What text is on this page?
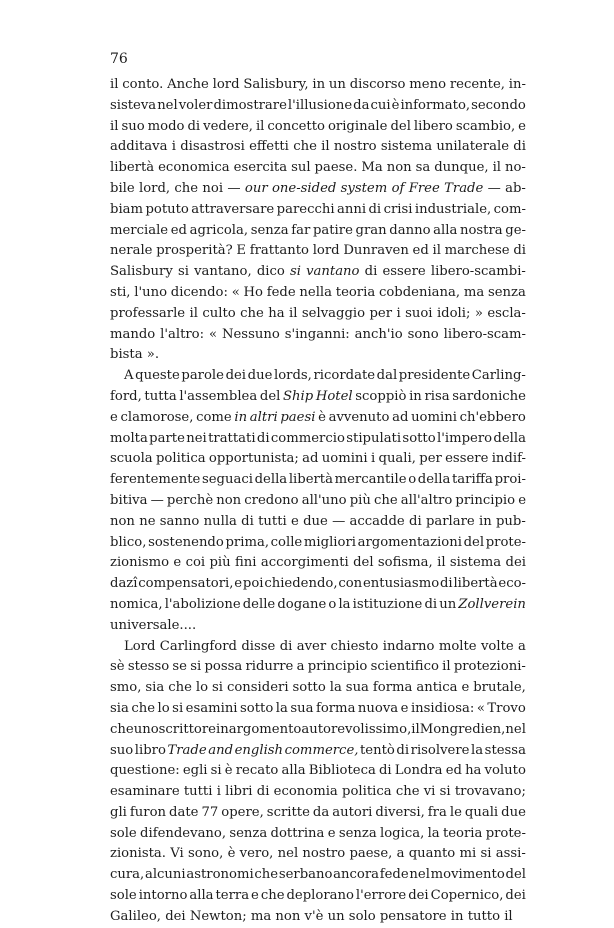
76
il conto. Anche lord Salisbury, in un discorso meno recente, in-
sisteva nel voler dimostrare l'illusione da cui è informato, secondo
il suo modo di vedere, il concetto originale del libero scambio, e
additava i disastrosi effetti che il nostro sistema unilaterale di
libertà economica esercita sul paese. Ma non sa dunque, il no-
bile lord, che noi — our one-sided system of Free Trade — ab-
biam potuto attraversare parecchi anni di crisi industriale, com-
merciale ed agricola, senza far patire gran danno alla nostra ge-
nerale prosperità? E frattanto lord Dunraven ed il marchese di
Salisbury si vantano, dico si vantano di essere libero-scambi-
sti, l'uno dicendo: « Ho fede nella teoria cobdeniana, ma senza
professarle il culto che ha il selvaggio per i suoi idoli; » escla-
mando l'altro: « Nessuno s'inganni: anch'io sono libero-scam-
bista ».
A queste parole dei due lords, ricordate dal presidente Carling-
ford, tutta l'assemblea del Ship Hotel scoppiò in risa sardoniche
e clamorose, come in altri paesi è avvenuto ad uomini ch'ebbero
molta parte nei trattati di commercio stipulati sotto l'impero della
scuola politica opportunista; ad uomini i quali, per essere indif-
ferentemente seguaci della libertà mercantile o della tariffa proi-
bitiva — perchè non credono all'uno più che all'altro principio e
non ne sanno nulla di tutti e due — accadde di parlare in pub-
blico, sostenendo prima, colle migliori argomentazioni del prote-
zionismo e coi più fini accorgimenti del sofisma, il sistema dei
dazî compensatori, e poi chiedendo, con entusiasmo di libertà eco-
nomica, l'abolizione delle dogane o la istituzione di un Zollverein
universale....
Lord Carlingford disse di aver chiesto indarno molte volte a
sè stesso se si possa ridurre a principio scientifico il protezioni-
smo, sia che lo si consideri sotto la sua forma antica e brutale,
sia che lo si esamini sotto la sua forma nuova e insidiosa: « Trovo
che uno scrittore in argomento autorevolissimo, il Mongredien, nel
suo libro Trade and english commerce, tentò di risolvere la stessa
questione: egli si è recato alla Biblioteca di Londra ed ha voluto
esaminare tutti i libri di economia politica che vi si trovavano;
gli furon date 77 opere, scritte da autori diversi, fra le quali due
sole difendevano, senza dottrina e senza logica, la teoria prote-
zionista. Vi sono, è vero, nel nostro paese, a quanto mi si assi-
cura, alcuni astronomi che serbano ancora fede nel movimento del
sole intorno alla terra e che deplorano l'errore dei Copernico, dei
Galileo, dei Newton; ma non v'è un solo pensatore in tutto il
